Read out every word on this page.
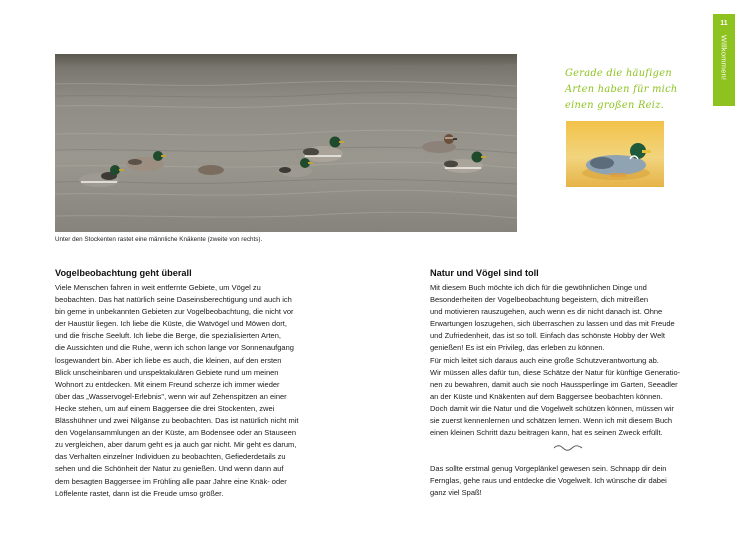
11
Willkommen!
Unter den Stockenten rastet eine männliche Knäkente (zweite von rechts).
Gerade die häufigen
Arten haben für mich
einen großen Reiz.
Vogelbeobachtung geht überall

Viele Menschen fahren in weit entfernte Gebiete, um Vögel zu

beobachten. Das hat natürlich seine Daseinsberechtigung und auch ich

bin gerne in unbekannten Gebieten zur Vogelbeobachtung, die nicht vor

der Haustür liegen. Ich liebe die Küste, die Watvögel und Möwen dort,

und die frische Seeluft. Ich liebe die Berge, die spezialisierten Arten,

die Aussichten und die Ruhe, wenn ich schon lange vor Sonnenaufgang

losgewandert bin. Aber ich liebe es auch, die kleinen, auf den ersten

Blick unscheinbaren und unspektakulären Gebiete rund um meinen

Wohnort zu entdecken. Mit einem Freund scherze ich immer wieder

über das „Wasservogel-Erlebnis", wenn wir auf Zehenspitzen an einer

Hecke stehen, um auf einem Baggersee die drei Stockenten, zwei

Blässhühner und zwei Nilgänse zu beobachten. Das ist natürlich nicht mit

den Vogelansammlungen an der Küste, am Bodensee oder an Stauseen

zu vergleichen, aber darum geht es ja auch gar nicht. Mir geht es darum,

das Verhalten einzelner Individuen zu beobachten, Gefiederdetails zu

sehen und die Schönheit der Natur zu genießen. Und wenn dann auf

dem besagten Baggersee im Frühling alle paar Jahre eine Knäk- oder

Löffelente rastet, dann ist die Freude umso größer.

Natur und Vögel sind toll

Mit diesem Buch möchte ich dich für die gewöhnlichen Dinge und

Besonderheiten der Vogelbeobachtung begeistern, dich mitreißen

und motivieren rauszugehen, auch wenn es dir nicht danach ist. Ohne

Erwartungen loszugehen, sich überraschen zu lassen und das mit Freude

und Zufriedenheit, das ist so toll. Einfach das schönste Hobby der Welt

genießen! Es ist ein Privileg, das erleben zu können.

Für mich leitet sich daraus auch eine große Schutzverantwortung ab.

Wir müssen alles dafür tun, diese Schätze der Natur für künftige Generatio-

nen zu bewahren, damit auch sie noch Haussperlinge im Garten, Seeadler

an der Küste und Knäkenten auf dem Baggersee beobachten können.

Doch damit wir die Natur und die Vogelwelt schützen können, müssen wir

sie zuerst kennenlernen und schätzen lernen. Wenn ich mit diesem Buch

einen kleinen Schritt dazu beitragen kann, hat es seinen Zweck erfüllt.

Das sollte erstmal genug Vorgeplänkel gewesen sein. Schnapp dir dein

Fernglas, gehe raus und entdecke die Vogelwelt. Ich wünsche dir dabei

ganz viel Spaß!
